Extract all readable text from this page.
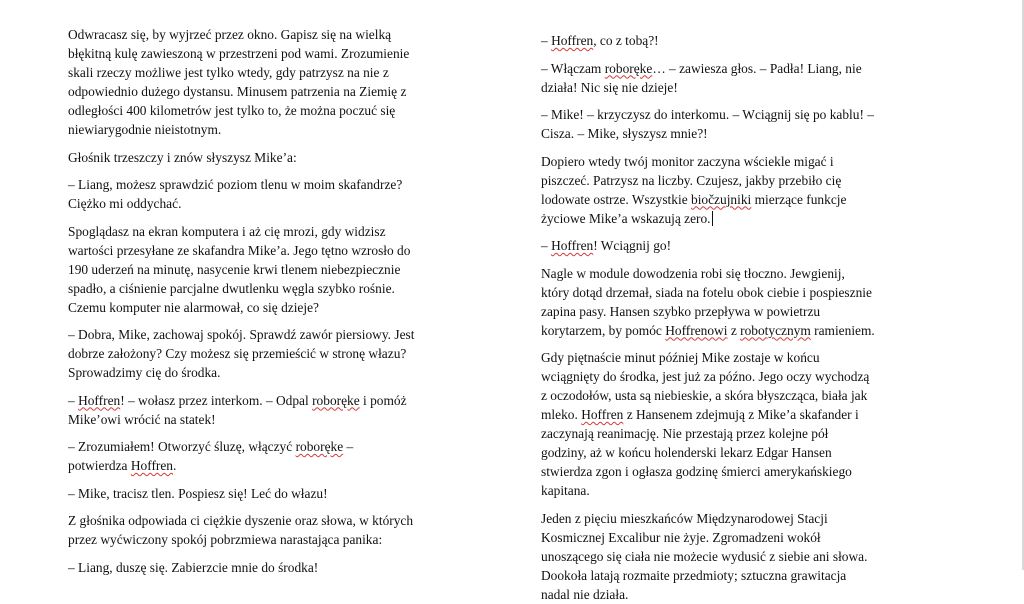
Odwracasz się, by wyjrzeć przez okno. Gapisz się na wielką błękitną kulę zawieszoną w przestrzeni pod wami. Zrozumienie skali rzeczy możliwe jest tylko wtedy, gdy patrzysz na nie z odpowiednio dużego dystansu. Minusem patrzenia na Ziemię z odległości 400 kilometrów jest tylko to, że można poczuć się niewiarygodnie nieistotnym.

Głośnik trzeszczy i znów słyszysz Mike’a:

– Liang, możesz sprawdzić poziom tlenu w moim skafandrze? Ciężko mi oddychać.

Spoglądasz na ekran komputera i aż cię mrozi, gdy widzisz wartości przesyłane ze skafandra Mike’a. Jego tętno wzrosło do 190 uderzeń na minutę, nasycenie krwi tlenem niebezpiecznie spadło, a ciśnienie parcjalne dwutlenku węgla szybko rośnie. Czemu komputer nie alarmował, co się dzieje?

– Dobra, Mike, zachowaj spokój. Sprawdź zawór piersiowy. Jest dobrze założony? Czy możesz się przemieścić w stronę włazu? Sprowadzimy cię do środka.

– Hoffren! – wołasz przez interkom. – Odpal roboręke i pomóż Mike’owi wrócić na statek!

– Zrozumiałem! Otworzyć śluzę, włączyć roboręke – potwierdza Hoffren.

– Mike, tracisz tlen. Pospiesz się! Leć do włazu!

Z głośnika odpowiada ci ciężkie dyszenie oraz słowa, w których przez wyćwiczony spokój pobrzmiewa narastająca panika:

– Liang, duszę się. Zabierzcie mnie do środka!

– Hoffren, co z tobą?!

– Włączam roboręke… – zawiesza głos. – Padła! Liang, nie działa! Nic się nie dzieje!

– Mike! – krzyczysz do interkomu. – Wciągnij się po kablu! – Cisza. – Mike, słyszysz mnie?!

Dopiero wtedy twój monitor zaczyna wściekle migać i piszczeć. Patrzysz na liczby. Czujesz, jakby przebiło cię lodowate ostrze. Wszystkie biočzujniki mierzące funkcje życiowe Mike’a wskazują zero.

– Hoffren! Wciągnij go!

Nagle w module dowodzenia robi się tłoczno. Jewgienij, który dotąd drzemał, siada na fotelu obok ciebie i pospiesznie zapina pasy. Hansen szybko przepływa w powietrzu korytarzem, by pomóc Hoffrenowi z robotycznym ramieniem.

Gdy piętnaście minut później Mike zostaje w końcu wciągnięty do środka, jest już za późno. Jego oczy wychodzą z oczodołów, usta są niebieskie, a skóra błyszcząca, biała jak mleko. Hoffren z Hansenem zdejmują z Mike’a skafander i zaczynają reanimację. Nie przestają przez kolejne pół godziny, aż w końcu holenderski lekarz Edgar Hansen stwierdza zgon i ogłasza godzinę śmierci amerykańskiego kapitana.

Jeden z pięciu mieszkańców Międzynarodowej Stacji Kosmicznej Excalibur nie żyje. Zgromadzeni wokół unoszącego się ciała nie możecie wydusić z siebie ani słowa. Dookoła latają rozmaite przedmioty; sztuczna grawitacja nadal nie działa.
